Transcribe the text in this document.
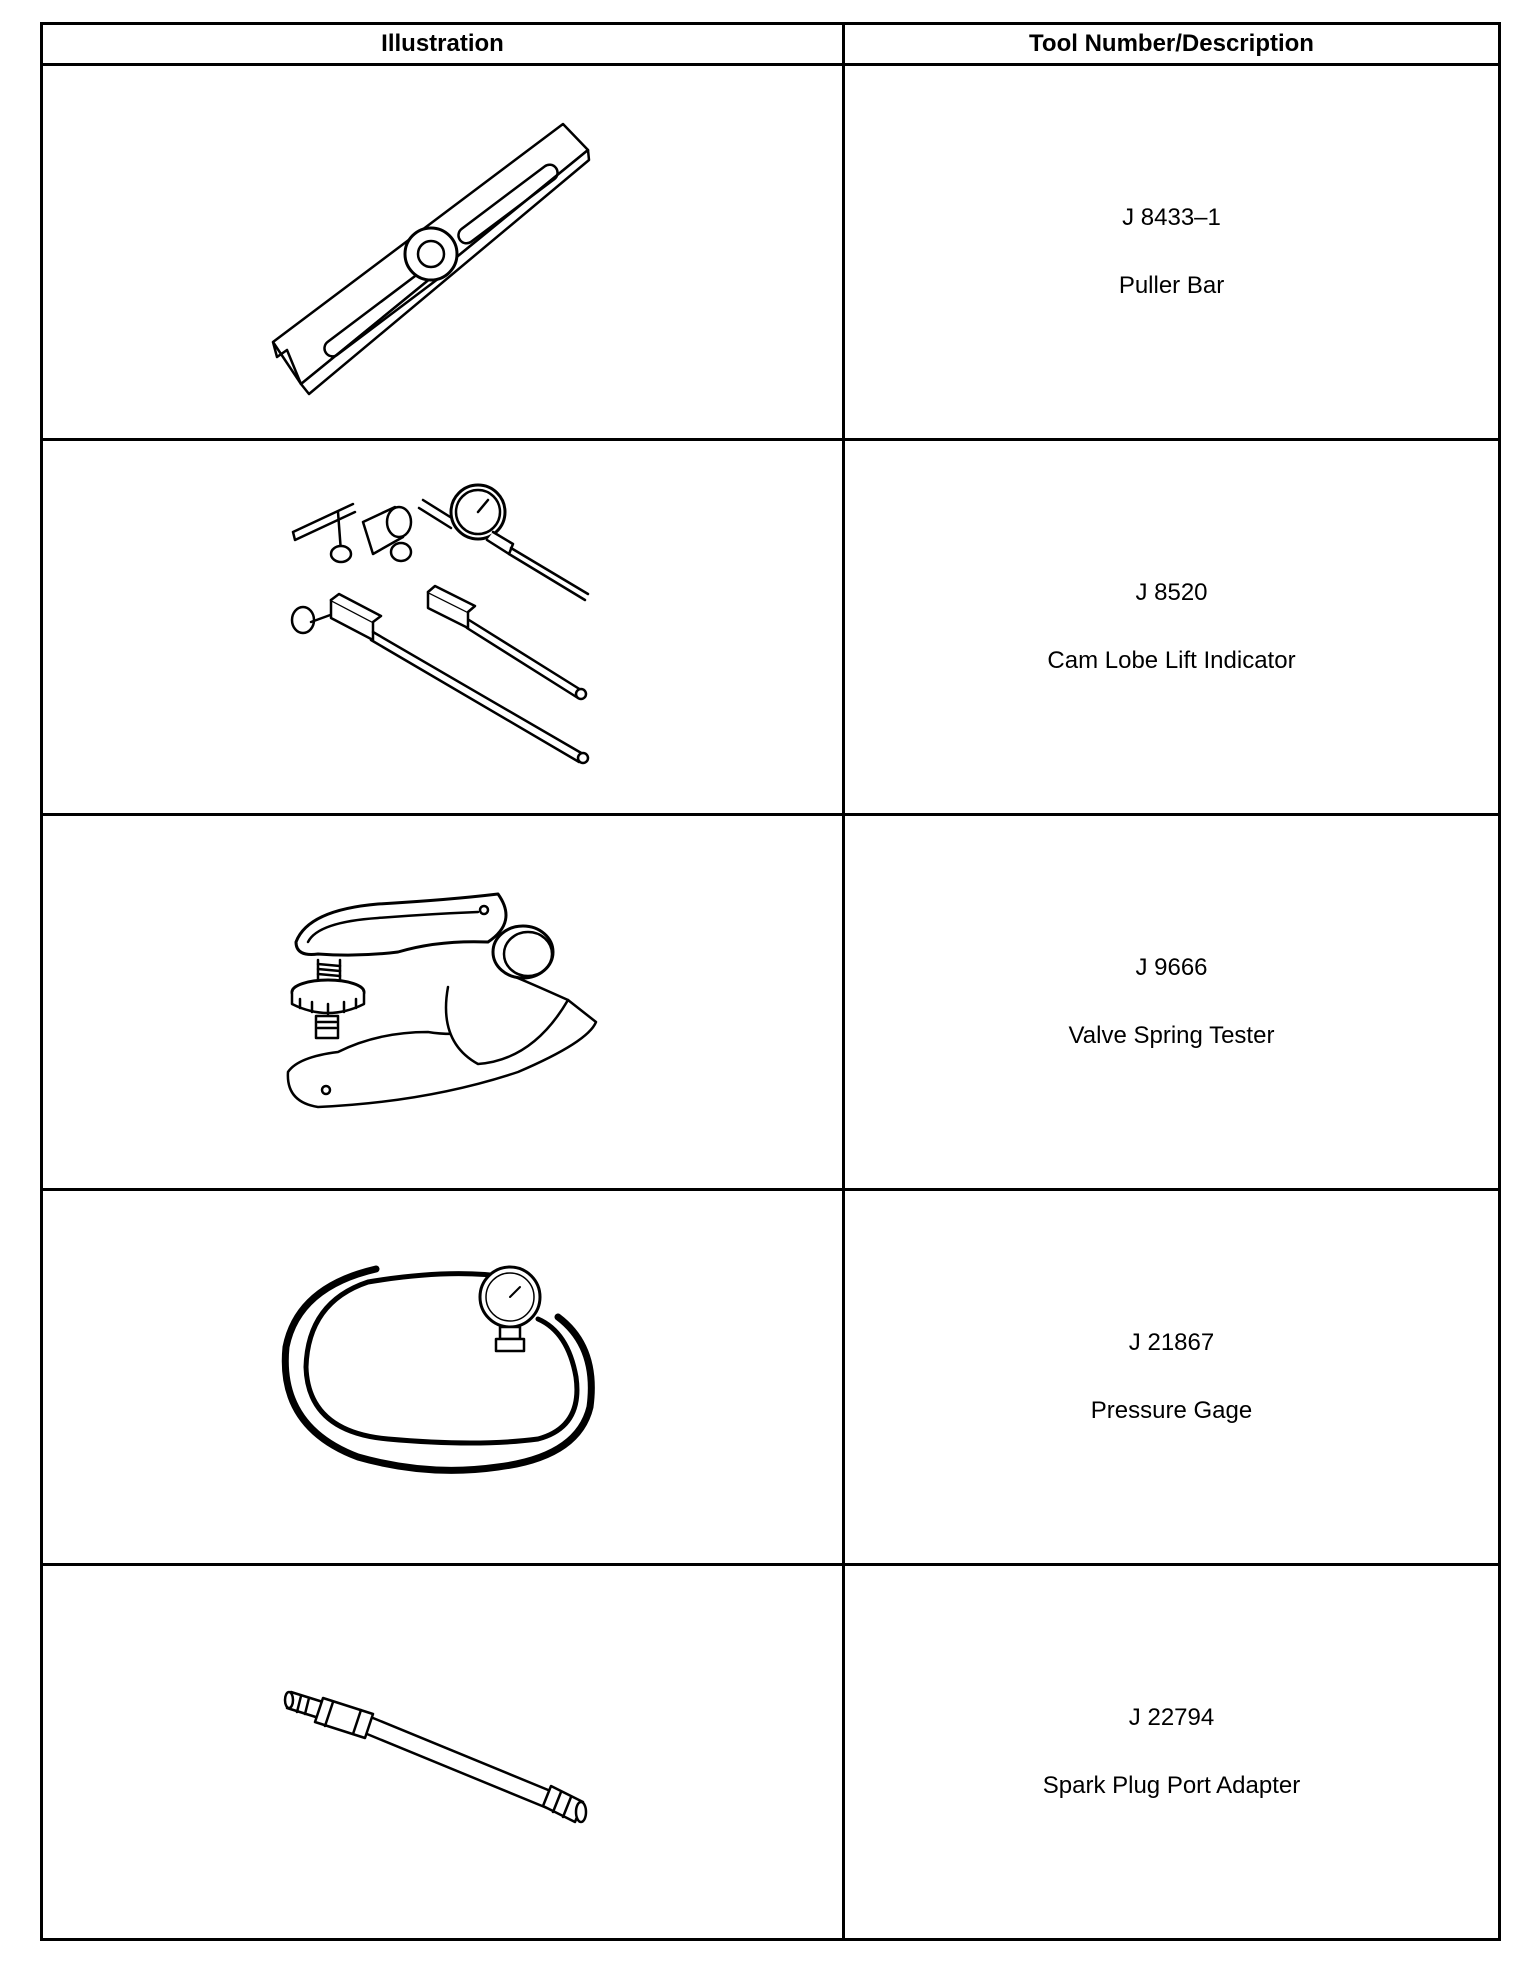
Illustration	Tool Number/Description

J 8433–1
Puller Bar

J 8520
Cam Lobe Lift Indicator

J 9666
Valve Spring Tester

J 21867
Pressure Gage

J 22794
Spark Plug Port Adapter
